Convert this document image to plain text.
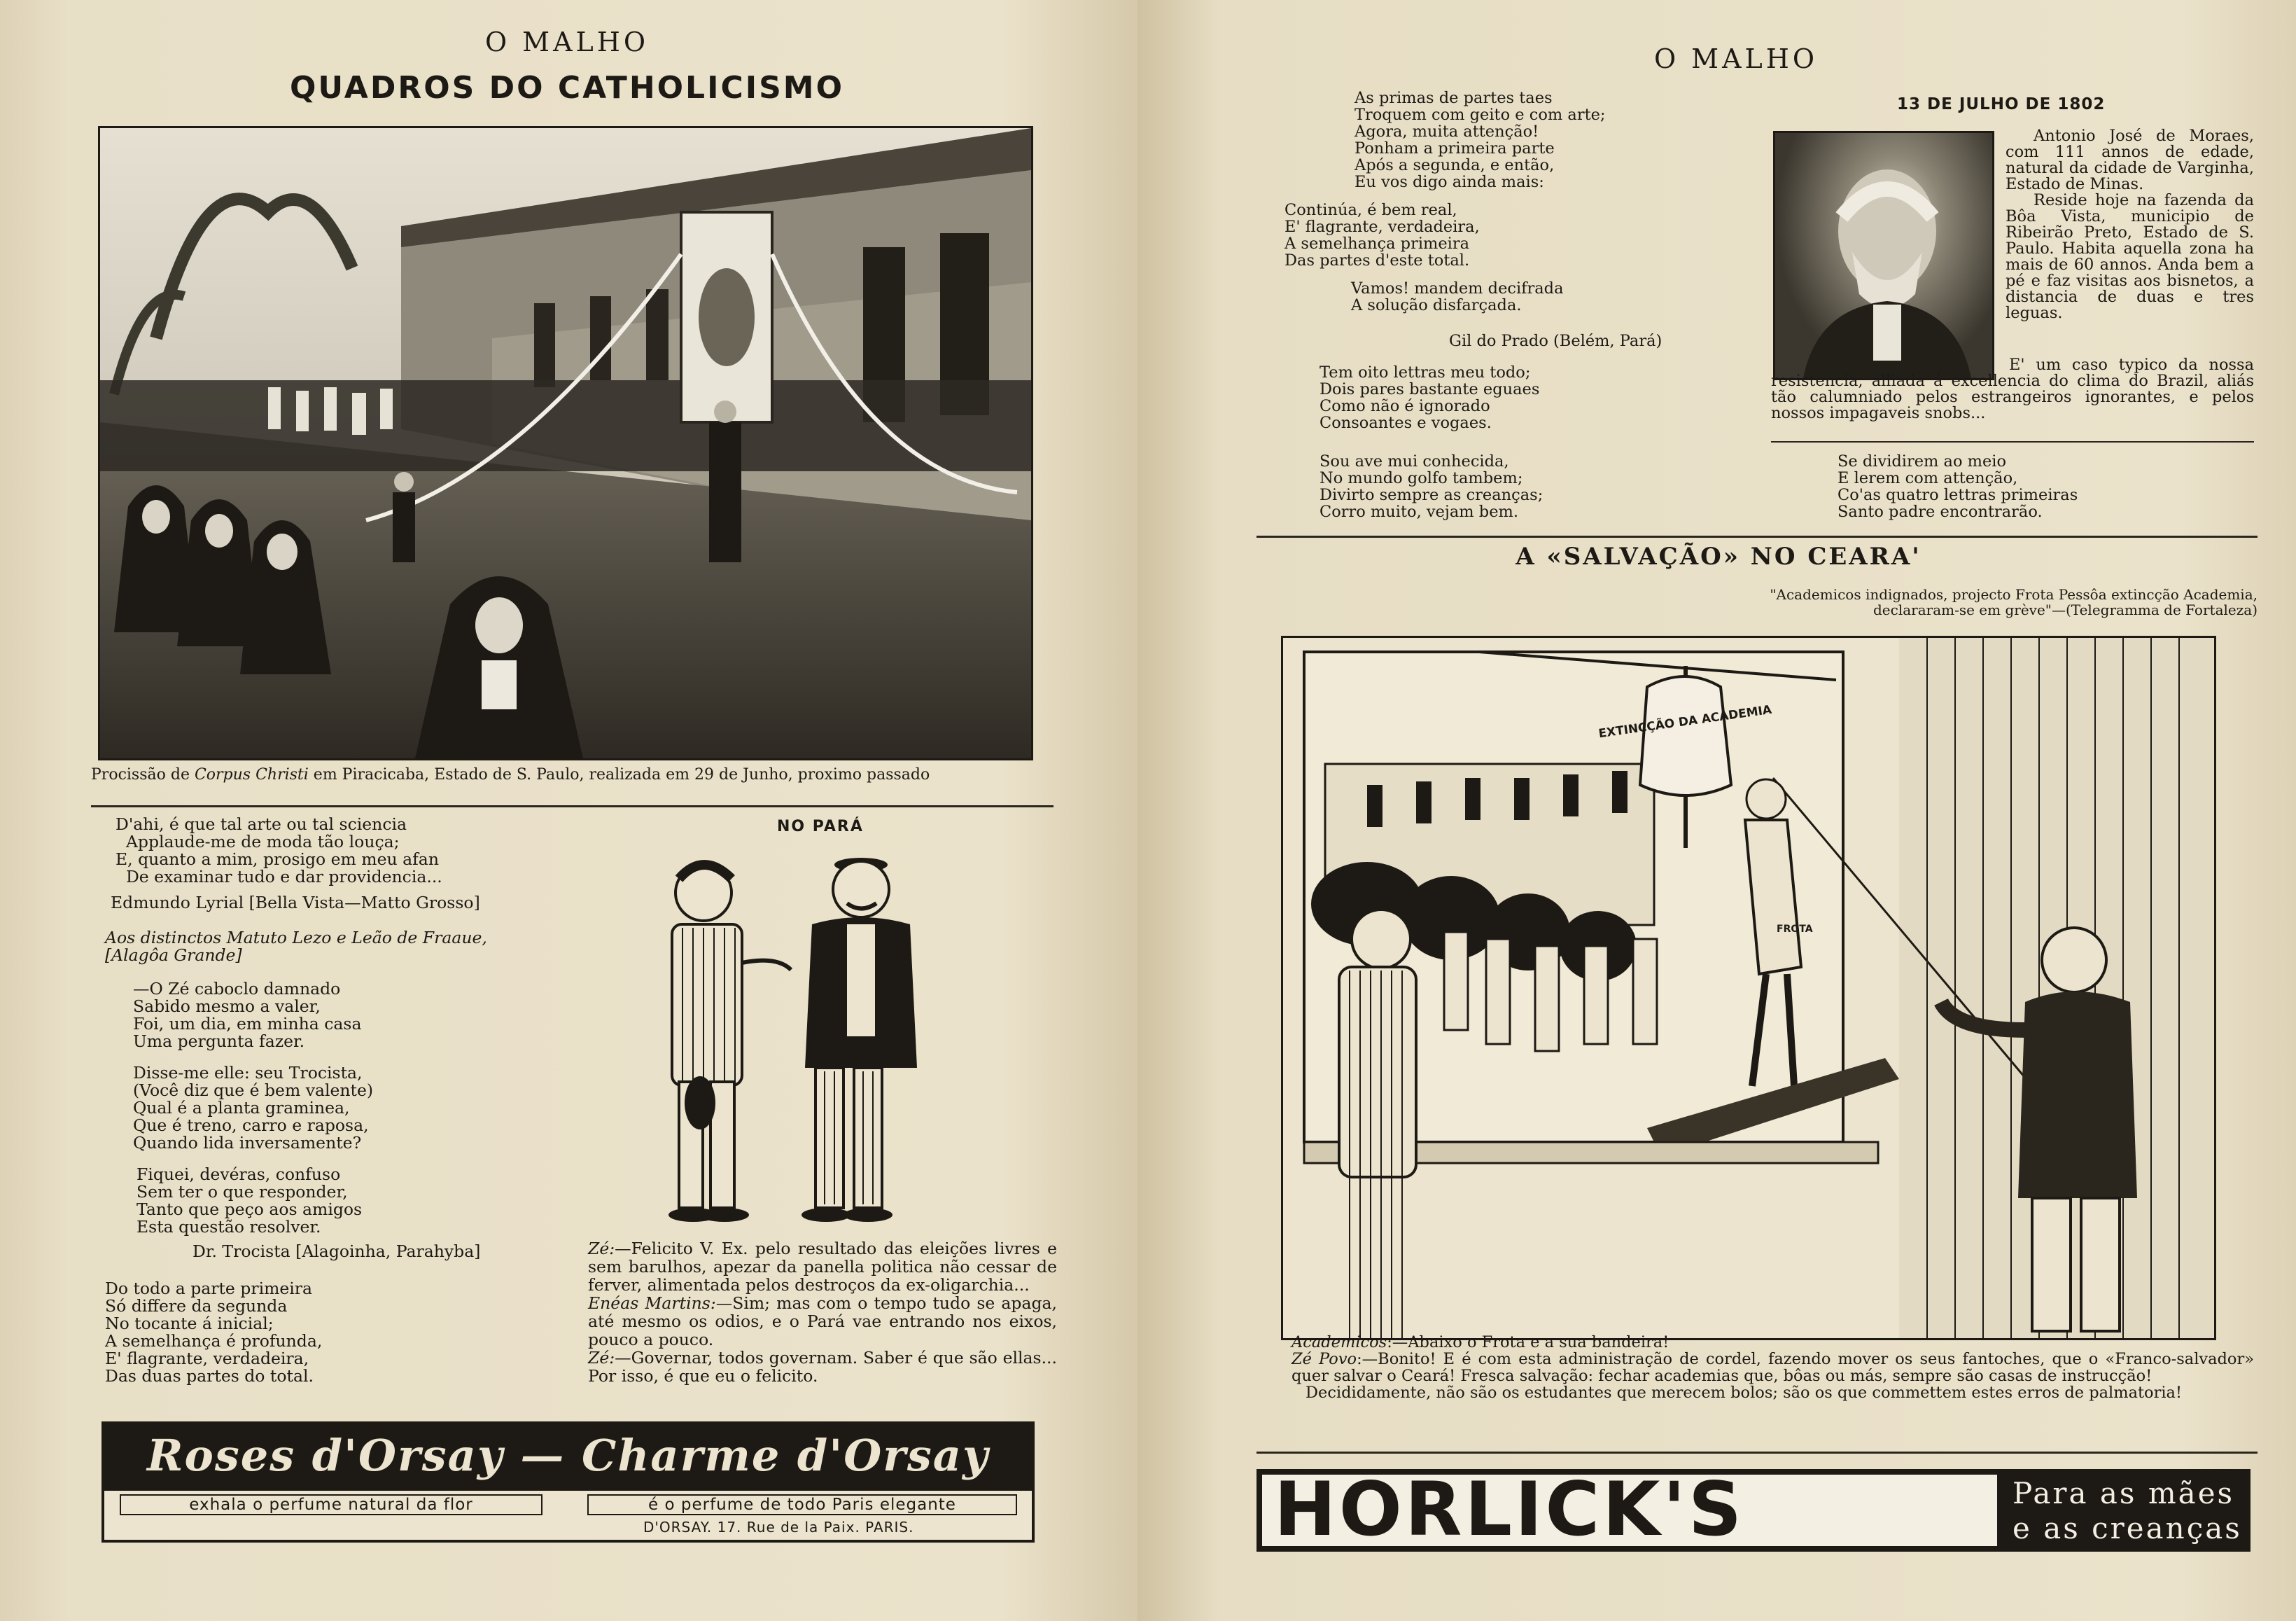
O MALHO
QUADROS DO CATHOLICISMO
Procissão de Corpus Christi em Piracicaba, Estado de S. Paulo, realizada em 29 de Junho, proximo passado
D'ahi, é que tal arte ou tal sciencia
Applaude-me de moda tão louça;
E, quanto a mim, prosigo em meu afan
De examinar tudo e dar providencia...
Edmundo Lyrial [Bella Vista—Matto Grosso]
Aos distinctos Matuto Lezo e Leão de Fraaue,
[Alagôa Grande]
—O Zé caboclo damnado
Sabido mesmo a valer,
Foi, um dia, em minha casa
Uma pergunta fazer.
Disse-me elle: seu Trocista,
(Você diz que é bem valente)
Qual é a planta graminea,
Que é treno, carro e raposa,
Quando lida inversamente?
Fiquei, devéras, confuso
Sem ter o que responder,
Tanto que peço aos amigos
Esta questão resolver.
Dr. Trocista [Alagoinha, Parahyba]
Do todo a parte primeira
Só differe da segunda
No tocante á inicial;
A semelhança é profunda,
E' flagrante, verdadeira,
Das duas partes do total.
NO PARÁ
Zé:—Felicito V. Ex. pelo resultado das eleições livres e sem barulhos, apezar da panella politica não cessar de ferver, alimentada pelos destroços da ex-oligarchia...
Enéas Martins:—Sim; mas com o tempo tudo se apaga, até mesmo os odios, e o Pará vae entrando nos eixos, pouco a pouco.
Zé:—Governar, todos governam. Saber é que são ellas... Por isso, é que eu o felicito.
Roses d'Orsay — Charme d'Orsay
exhala o perfume natural da flor	é o perfume de todo Paris elegante
D'ORSAY. 17. Rue de la Paix. PARIS.
O MALHO
As primas de partes taes
Troquem com geito e com arte;
Agora, muita attenção!
Ponham a primeira parte
Após a segunda, e então,
Eu vos digo ainda mais:
Continúa, é bem real,
E' flagrante, verdadeira,
A semelhança primeira
Das partes d'este total.
Vamos! mandem decifrada
A solução disfarçada.
Gil do Prado (Belém, Pará)
Tem oito lettras meu todo;
Dois pares bastante eguaes
Como não é ignorado
Consoantes e vogaes.
Sou ave mui conhecida,
No mundo golfo tambem;
Divirto sempre as creanças;
Corro muito, vejam bem.
Se dividirem ao meio
E lerem com attenção,
Co'as quatro lettras primeiras
Santo padre encontrarão.
13 DE JULHO DE 1802
Antonio José de Moraes, com 111 annos de edade, natural da cidade de Varginha, Estado de Minas.
Reside hoje na fazenda da Bôa Vista, municipio de Ribeirão Preto, Estado de S. Paulo. Habita aquella zona ha mais de 60 annos. Anda bem a pé e faz visitas aos bisnetos, a distancia de duas e tres leguas.
E' um caso typico da nossa resistencia, alliada á excellencia do clima do Brazil, aliás tão calumniado pelos estrangeiros ignorantes, e pelos nossos impagaveis snobs...
A «SALVAÇÃO» NO CEARA'
"Academicos indignados, projecto Frota Pessôa extincção Academia, declararam-se em grève"—(Telegramma de Fortaleza)
EXTINCÇÃO DA ACADEMIA
FROTA
Academicos:—Abaixo o Frota e a sua bandeira!
Zé Povo:—Bonito! E é com esta administração de cordel, fazendo mover os seus fantoches, que o «Franco-salvador» quer salvar o Ceará! Fresca salvação: fechar academias que, bôas ou más, sempre são casas de instrucção!
Decididamente, não são os estudantes que merecem bolos; são os que commettem estes erros de palmatoria!
HORLICK'S	Para as mães
e as creanças
